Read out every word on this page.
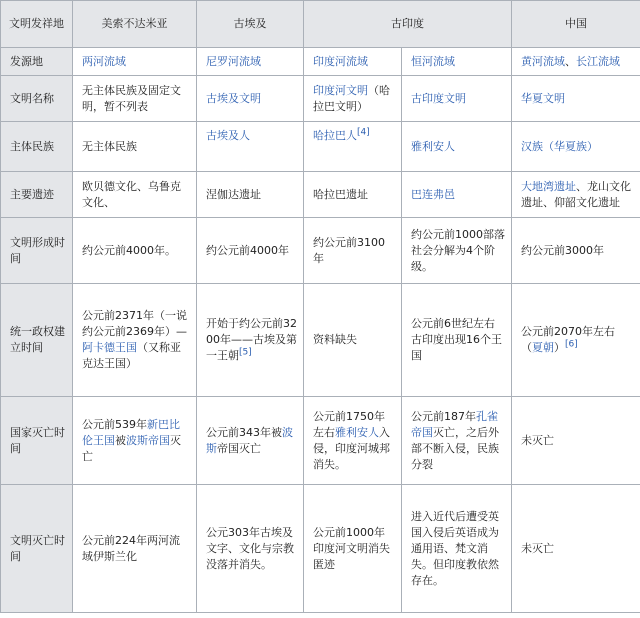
文明发祥地	美索不达米亚	古埃及	古印度		中国
发源地	两河流域	尼罗河流域	印度河流域	恒河流域	黄河流域、长江流域
文明名称	无主体民族及固定文明，暂不列表	古埃及文明	印度河文明（哈拉巴文明）	古印度文明	华夏文明
主体民族	无主体民族	古埃及人	哈拉巴人[4]	雅利安人	汉族（华夏族）
主要遗迹	欧贝德文化、乌鲁克文化、	涅伽达遗址	哈拉巴遗址	巴连弗邑	大地湾遗址、龙山文化遗址、仰韶文化遗址
文明形成时间	约公元前4000年。	约公元前4000年	约公元前3100年	约公元前1000部落社会分解为4个阶级。	约公元前3000年
统一政权建立时间	公元前2371年（一说约公元前2369年）—阿卡德王国（又称亚克达王国）	开始于约公元前3200年——古埃及第一王朝[5]	资料缺失	公元前6世纪左右古印度出现16个王国	公元前2070年左右（夏朝）[6]
国家灭亡时间	公元前539年新巴比伦王国被波斯帝国灭亡	公元前343年被波斯帝国灭亡	公元前1750年左右雅利安人入侵，印度河城邦消失。	公元前187年孔雀帝国灭亡，之后外部不断入侵，民族分裂	未灭亡
文明灭亡时间	公元前224年两河流域伊斯兰化	公元303年古埃及文字、文化与宗教没落并消失。	公元前1000年印度河文明消失匿迹	进入近代后遭受英国入侵后英语成为通用语、梵文消失。但印度教依然存在。	未灭亡
